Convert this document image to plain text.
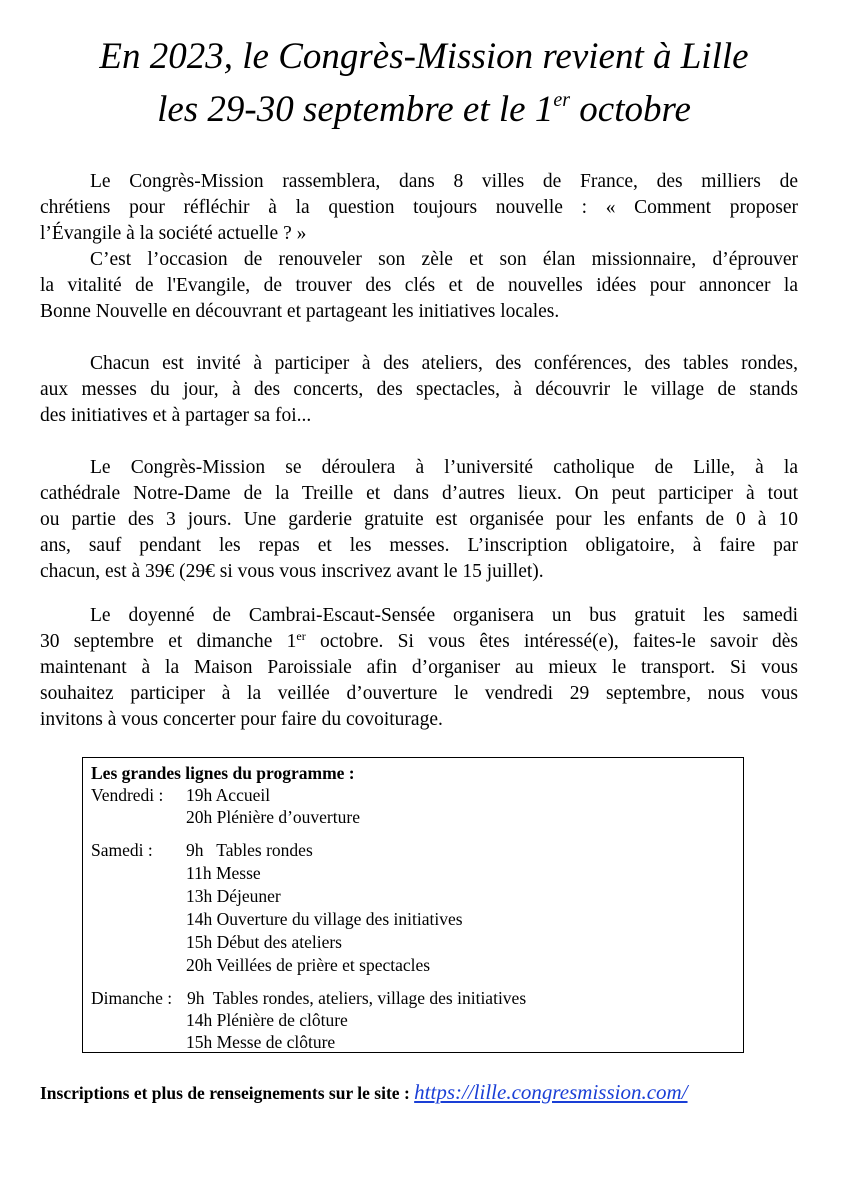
En 2023, le Congrès-Mission revient à Lille
les 29-30 septembre et le 1er octobre
Le Congrès-Mission rassemblera, dans 8 villes de France, des milliers de
chrétiens pour réfléchir à la question toujours nouvelle : « Comment proposer
l’Évangile à la société actuelle ? »
C’est l’occasion de renouveler son zèle et son élan missionnaire, d’éprouver
la vitalité de l'Evangile, de trouver des clés et de nouvelles idées pour annoncer la
Bonne Nouvelle en découvrant et partageant les initiatives locales.
Chacun est invité à participer à des ateliers, des conférences, des tables rondes,
aux messes du jour, à des concerts, des spectacles, à découvrir le village de stands
des initiatives et à partager sa foi...
Le Congrès-Mission se déroulera à l’université catholique de Lille, à la
cathédrale Notre-Dame de la Treille et dans d’autres lieux. On peut participer à tout
ou partie des 3 jours. Une garderie gratuite est organisée pour les enfants de 0 à 10
ans, sauf pendant les repas et les messes. L’inscription obligatoire, à faire par
chacun, est à 39€ (29€ si vous vous inscrivez avant le 15 juillet).
Le doyenné de Cambrai-Escaut-Sensée organisera un bus gratuit les samedi
30 septembre et dimanche 1er octobre. Si vous êtes intéressé(e), faites-le savoir dès
maintenant à la Maison Paroissiale afin d’organiser au mieux le transport. Si vous
souhaitez participer à la veillée d’ouverture le vendredi 29 septembre, nous vous
invitons à vous concerter pour faire du covoiturage.
Les grandes lignes du programme :
Vendredi : 19h Accueil
20h Plénière d’ouverture
Samedi : 9h   Tables rondes
11h Messe
13h Déjeuner
14h Ouverture du village des initiatives
15h Début des ateliers
20h Veillées de prière et spectacles
Dimanche : 9h  Tables rondes, ateliers, village des initiatives
14h Plénière de clôture
15h Messe de clôture
Inscriptions et plus de renseignements sur le site : https://lille.congresmission.com/
